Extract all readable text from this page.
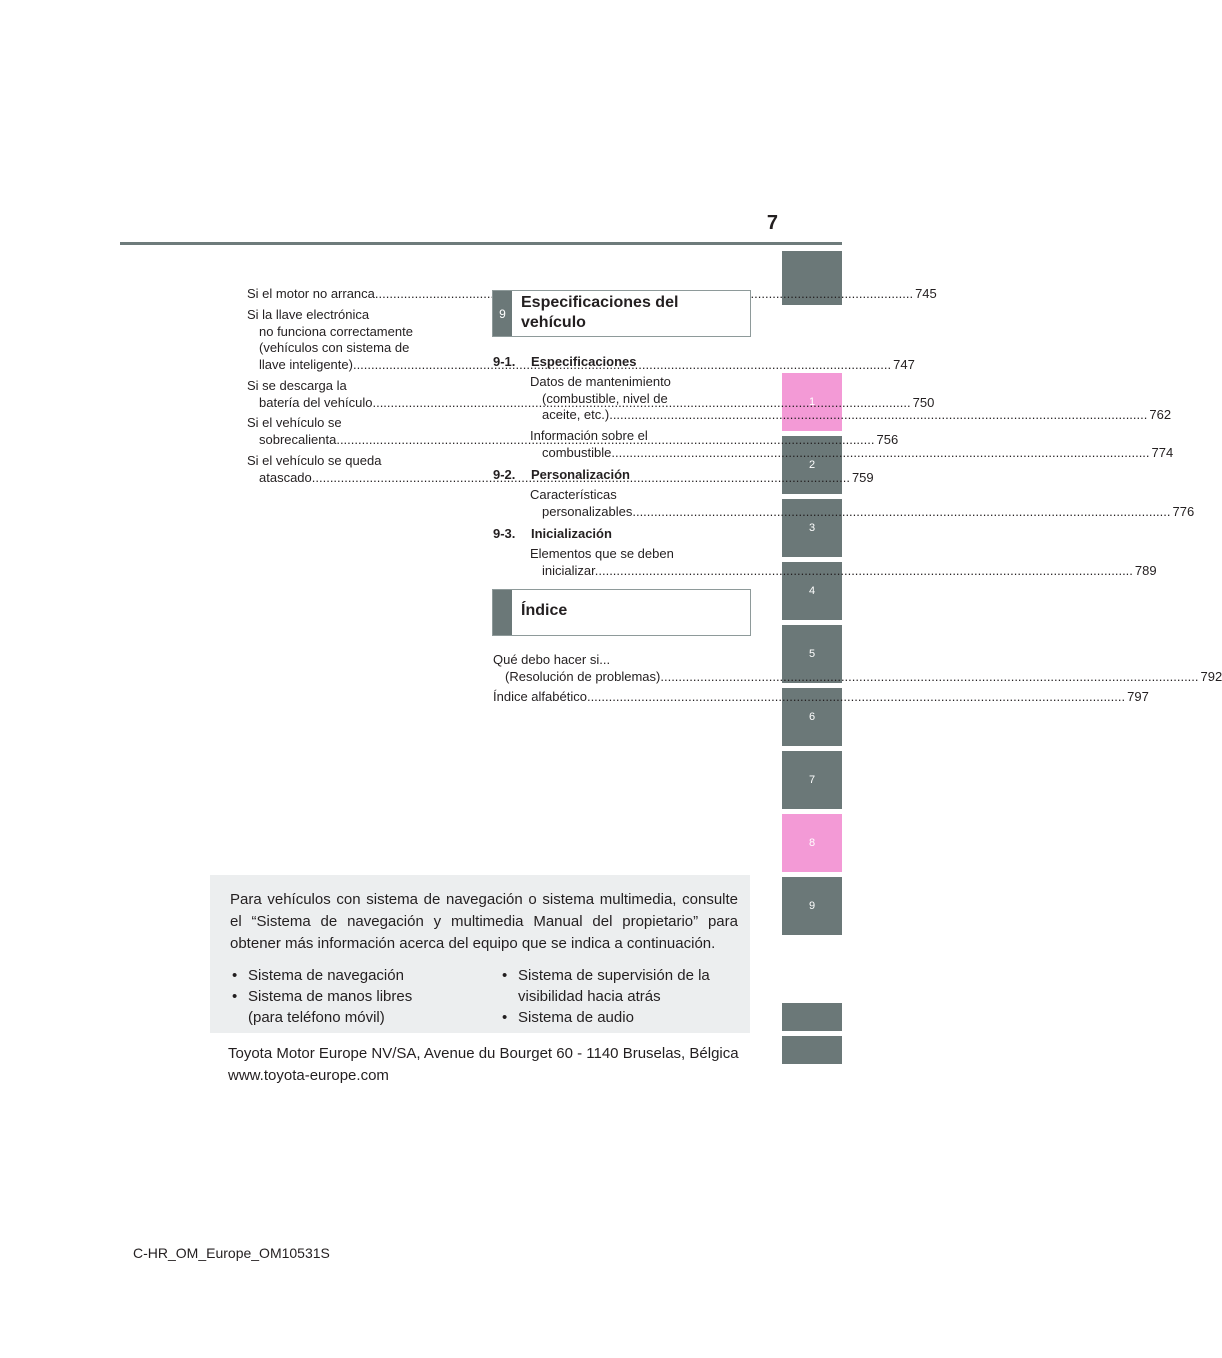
7
1
2
3
4
5
6
7
8
9
Si el motor no arranca .....	745
Si la llave electrónica
no funciona correctamente
(vehículos con sistema de
llave inteligente) .....	747
Si se descarga la
batería del vehículo .....	750
Si el vehículo se
sobrecalienta .....	756
Si el vehículo se queda
atascado .....	759
9
Especificaciones del
vehículo
9-1. Especificaciones
Datos de mantenimiento
(combustible, nivel de
aceite, etc.) .....	762
Información sobre el
combustible .....	774
9-2. Personalización
Características
personalizables .....	776
9-3. Inicialización
Elementos que se deben
inicializar .....	789
Índice
Qué debo hacer si...
(Resolución de problemas) .....	792
Índice alfabético .....	797
Para vehículos con sistema de navegación o sistema multimedia, consulte el “Sistema de navegación y multimedia Manual del propietario” para obtener más información acerca del equipo que se indica a continuación.
• Sistema de navegación
• Sistema de manos libres
(para teléfono móvil)
• Sistema de supervisión de la
visibilidad hacia atrás
• Sistema de audio
Toyota Motor Europe NV/SA, Avenue du Bourget 60 - 1140 Bruselas, Bélgica
www.toyota-europe.com
C-HR_OM_Europe_OM10531S
